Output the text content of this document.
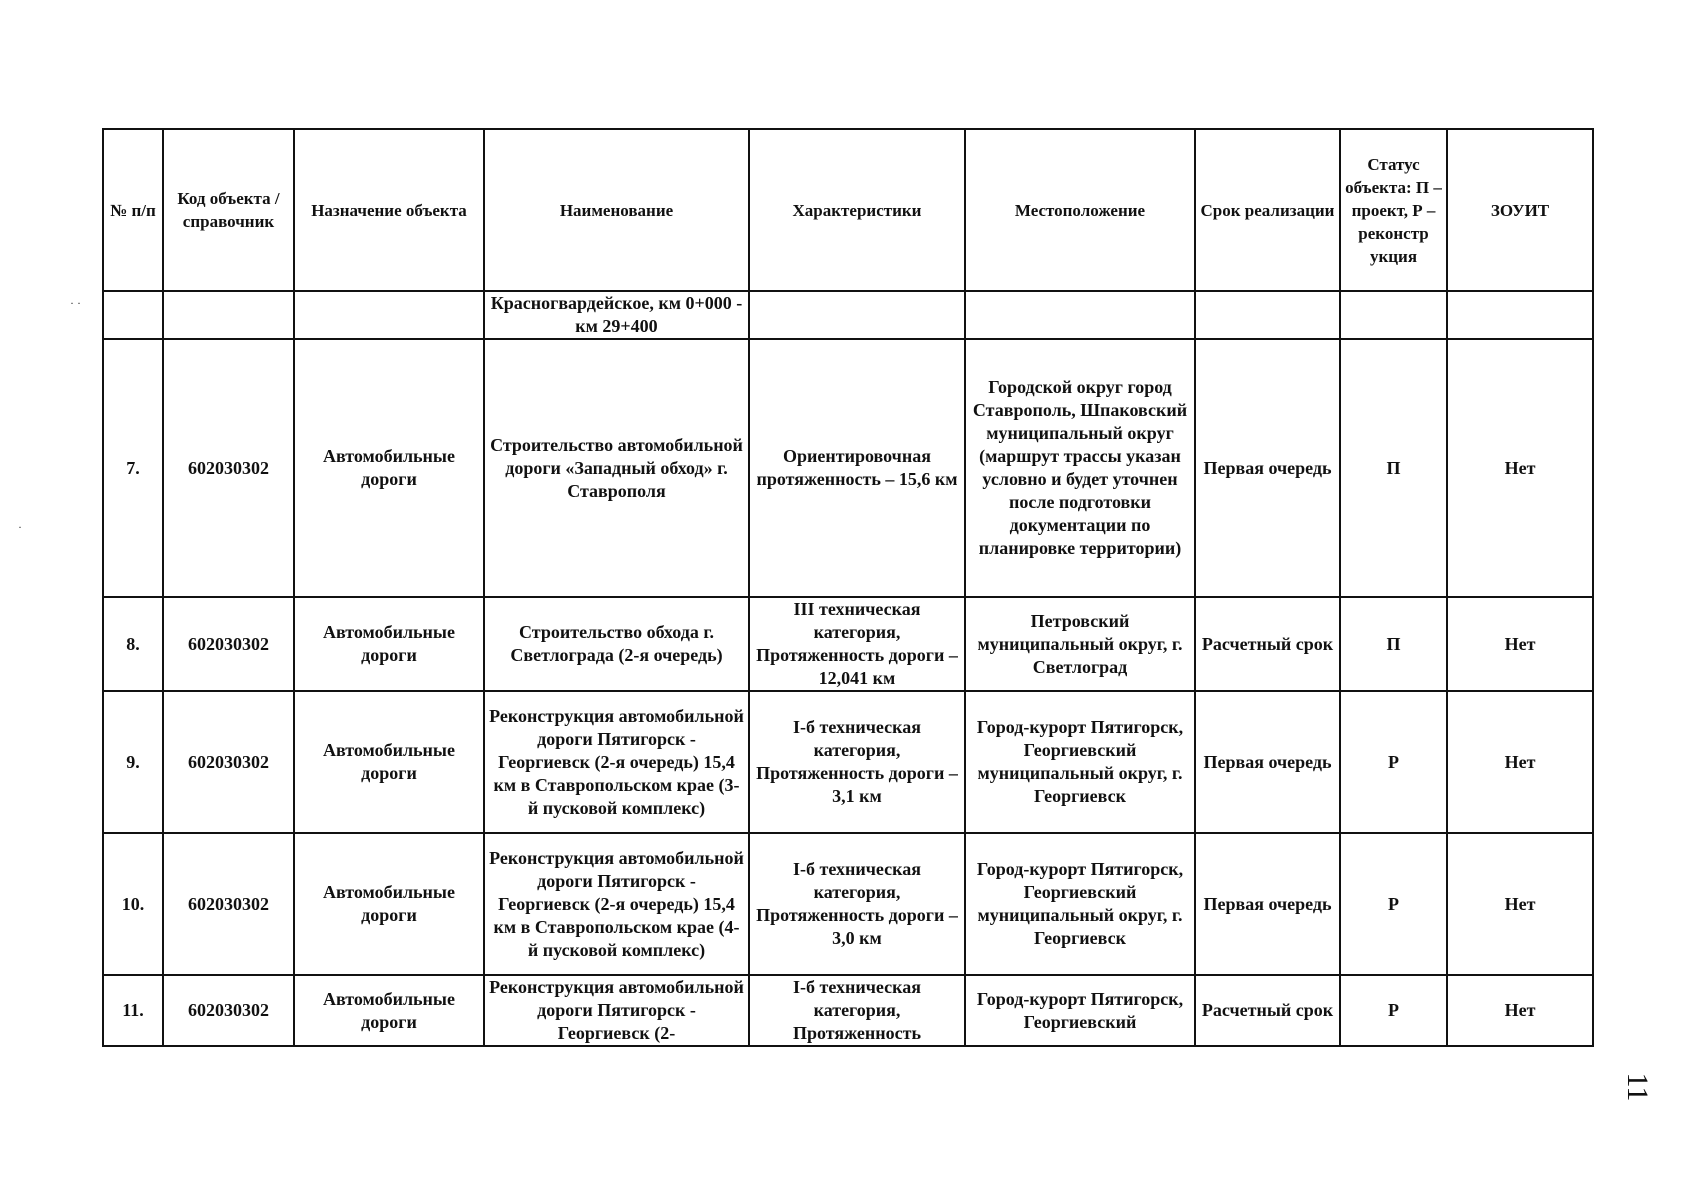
№ п/п	Код объекта / справочник	Назначение объекта	Наименование	Характеристики	Местоположение	Срок реализации	Статус объекта: П – проект, Р – реконстр укция	ЗОУИТ
			Красногвардейское, км 0+000 - км 29+400					
7.	602030302	Автомобильные дороги	Строительство автомобильной дороги «Западный обход» г. Ставрополя	Ориентировочная протяженность – 15,6 км	Городской округ город Ставрополь, Шпаковский муниципальный округ (маршрут трассы указан условно и будет уточнен после подготовки документации по планировке территории)	Первая очередь	П	Нет
8.	602030302	Автомобильные дороги	Строительство обхода г. Светлограда (2-я очередь)	III техническая категория, Протяженность дороги – 12,041 км	Петровский муниципальный округ, г. Светлоград	Расчетный срок	П	Нет
9.	602030302	Автомобильные дороги	Реконструкция автомобильной дороги Пятигорск - Георгиевск (2-я очередь) 15,4 км в Ставропольском крае (3-й пусковой комплекс)	I-б техническая категория, Протяженность дороги – 3,1 км	Город-курорт Пятигорск, Георгиевский муниципальный округ, г. Георгиевск	Первая очередь	Р	Нет
10.	602030302	Автомобильные дороги	Реконструкция автомобильной дороги Пятигорск - Георгиевск (2-я очередь) 15,4 км в Ставропольском крае (4-й пусковой комплекс)	I-б техническая категория, Протяженность дороги – 3,0 км	Город-курорт Пятигорск, Георгиевский муниципальный округ, г. Георгиевск	Первая очередь	Р	Нет
11.	602030302	Автомобильные дороги	Реконструкция автомобильной дороги Пятигорск - Георгиевск (2-	I-б техническая категория, Протяженность	Город-курорт Пятигорск, Георгиевский	Расчетный срок	Р	Нет
· ·
·
11
